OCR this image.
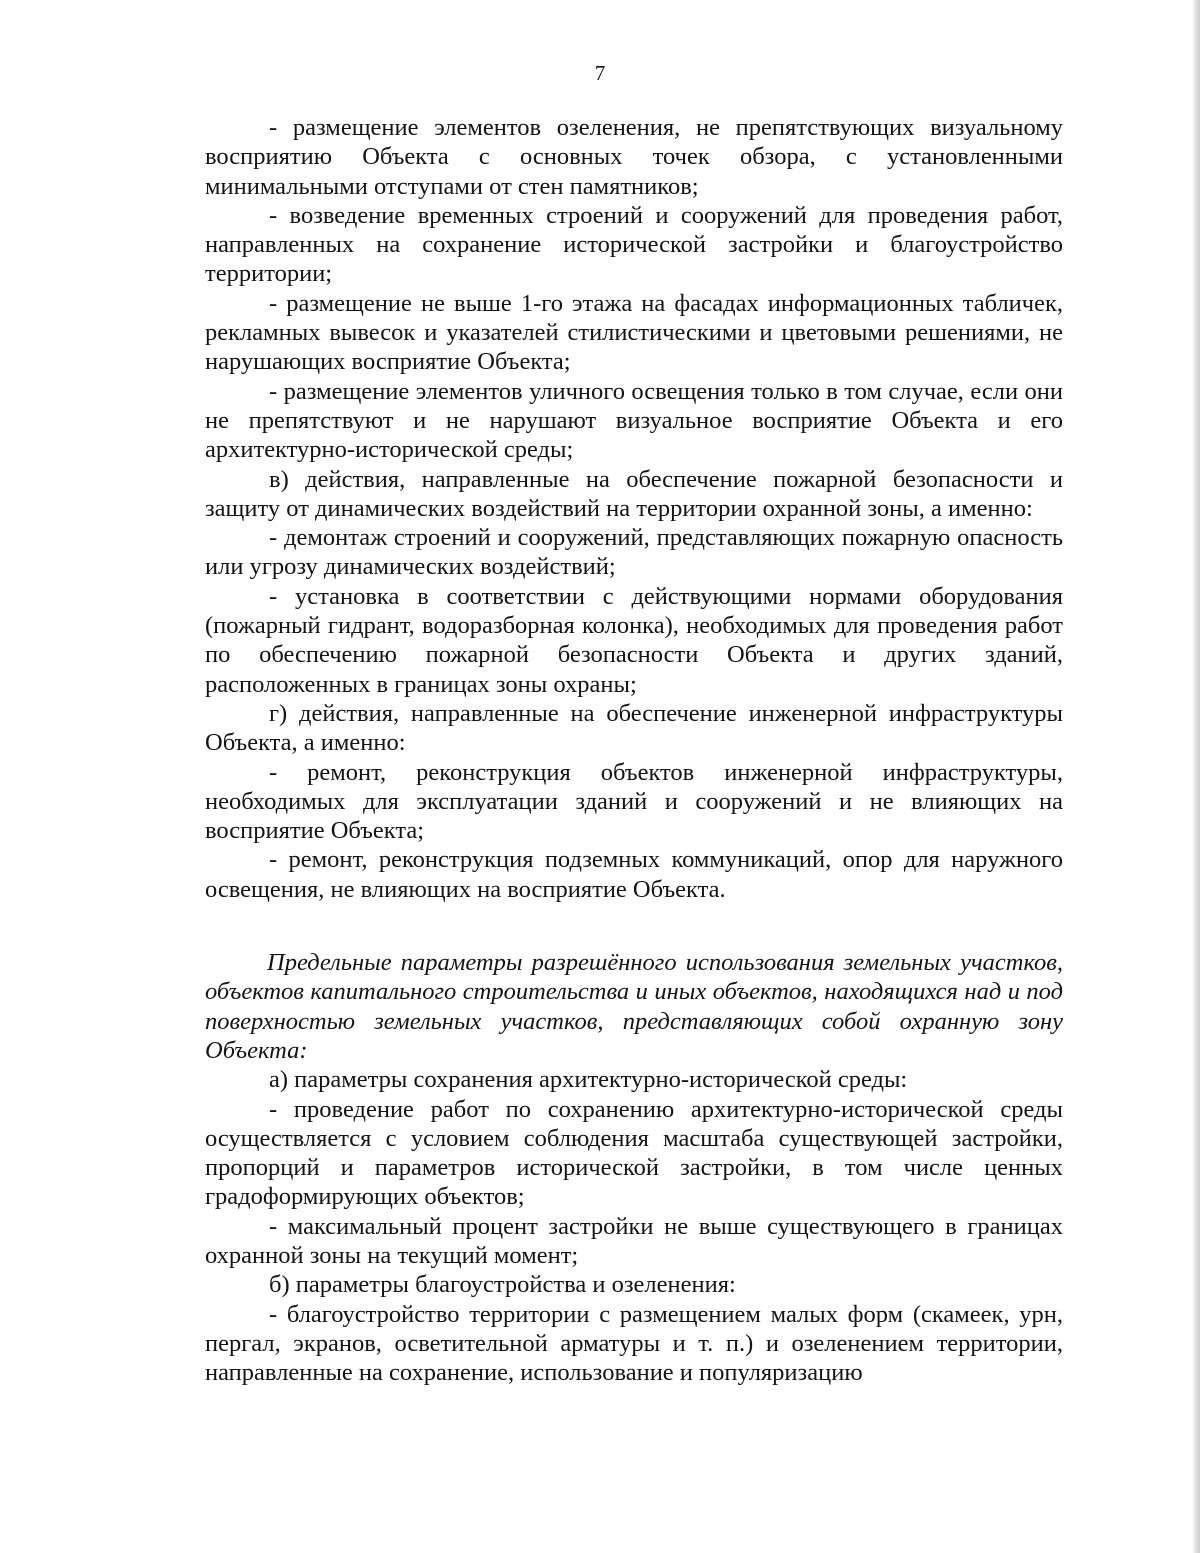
7

- размещение элементов озеленения, не препятствующих визуальному восприятию Объекта с основных точек обзора, с установленными минимальными отступами от стен памятников;

- возведение временных строений и сооружений для проведения работ, направленных на сохранение исторической застройки и благоустройство территории;

- размещение не выше 1-го этажа на фасадах информационных табличек, рекламных вывесок и указателей стилистическими и цветовыми решениями, не нарушающих восприятие Объекта;

- размещение элементов уличного освещения только в том случае, если они не препятствуют и не нарушают визуальное восприятие Объекта и его архитектурно-исторической среды;

в) действия, направленные на обеспечение пожарной безопасности и защиту от динамических воздействий на территории охранной зоны, а именно:

- демонтаж строений и сооружений, представляющих пожарную опасность или угрозу динамических воздействий;

- установка в соответствии с действующими нормами оборудования (пожарный гидрант, водоразборная колонка), необходимых для проведения работ по обеспечению пожарной безопасности Объекта и других зданий, расположенных в границах зоны охраны;

г) действия, направленные на обеспечение инженерной инфраструктуры Объекта, а именно:

- ремонт, реконструкция объектов инженерной инфраструктуры, необходимых для эксплуатации зданий и сооружений и не влияющих на восприятие Объекта;

- ремонт, реконструкция подземных коммуникаций, опор для наружного освещения, не влияющих на восприятие Объекта.

Предельные параметры разрешённого использования земельных участков, объектов капитального строительства и иных объектов, находящихся над и под поверхностью земельных участков, представляющих собой охранную зону Объекта:

а) параметры сохранения архитектурно-исторической среды:

- проведение работ по сохранению архитектурно-исторической среды осуществляется с условием соблюдения масштаба существующей застройки, пропорций и параметров исторической застройки, в том числе ценных градоформирующих объектов;

- максимальный процент застройки не выше существующего в границах охранной зоны на текущий момент;

б) параметры благоустройства и озеленения:

- благоустройство территории с размещением малых форм (скамеек, урн, пергал, экранов, осветительной арматуры и т. п.) и озеленением территории, направленные на сохранение, использование и популяризацию
